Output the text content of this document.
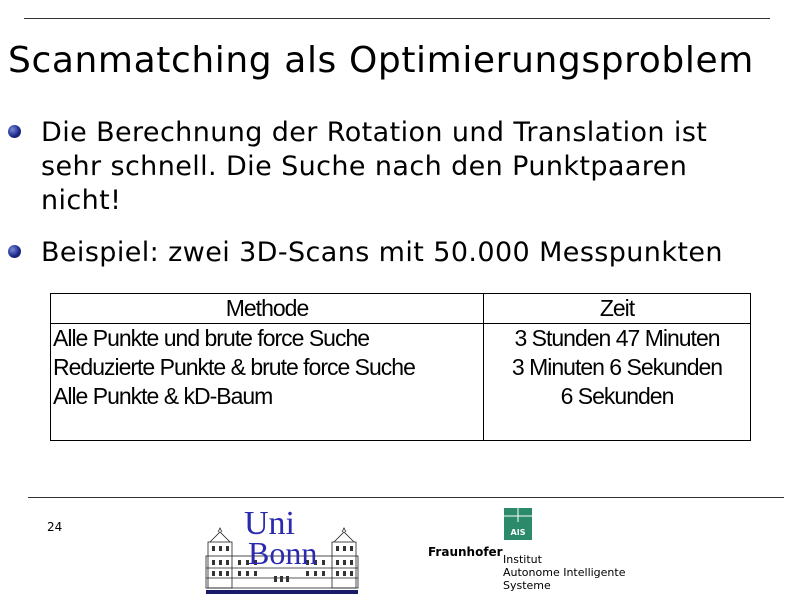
Scanmatching als Optimierungsproblem
Die Berechnung der Rotation und Translation ist
sehr schnell. Die Suche nach den Punktpaaren
nicht!
Beispiel: zwei 3D-Scans mit 50.000 Messpunkten
Methode	Zeit
Alle Punkte und brute force Suche	3 Stunden 47 Minuten
Reduzierte Punkte & brute force Suche	3 Minuten 6 Sekunden
Alle Punkte & kD-Baum	6 Sekunden

24	Uni
Bonn
AIS
Fraunhofer
Institut
Autonome Intelligente
Systeme
